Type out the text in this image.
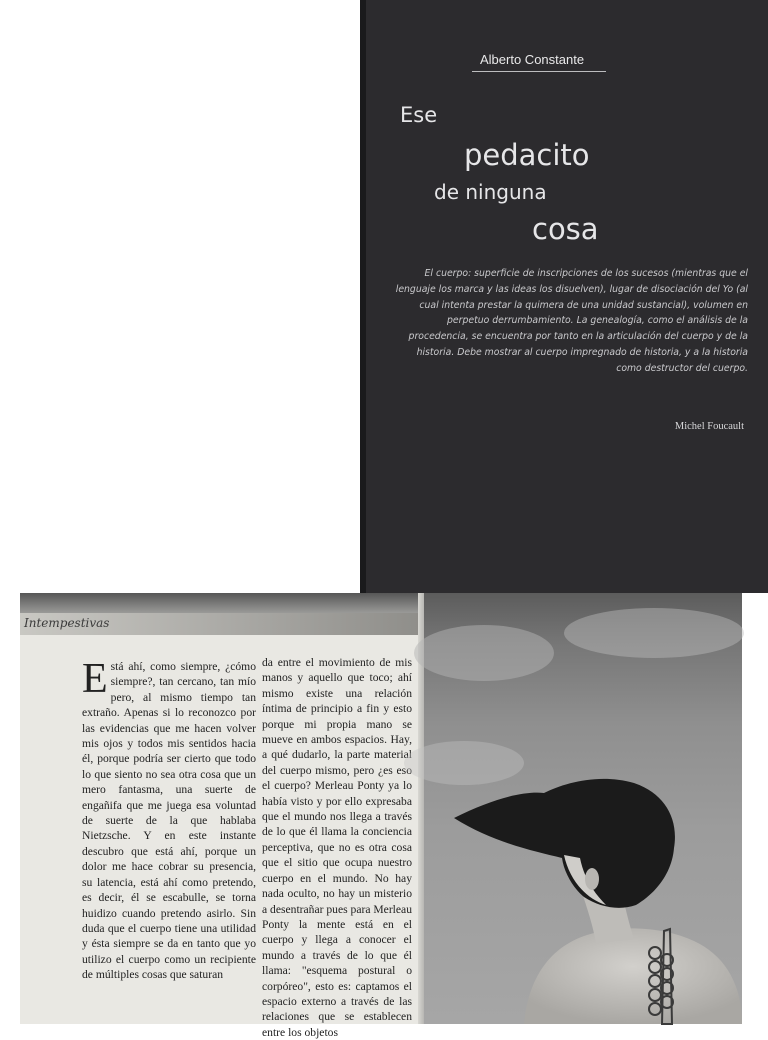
Alberto Constante
Ese
pedacito
de ninguna
cosa

El cuerpo: superficie de inscripciones de los sucesos (mientras que el lenguaje los marca y las ideas los disuelven), lugar de disociación del Yo (al cual intenta prestar la quimera de una unidad sustancial), volumen en perpetuo derrumbamiento. La genealogía, como el análisis de la procedencia, se encuentra por tanto en la articulación del cuerpo y de la historia. Debe mostrar al cuerpo impregnado de historia, y a la historia como destructor del cuerpo.

Michel Foucault
Intempestivas

Está ahí, como siempre, ¿cómo siempre?, tan cercano, tan mío pero, al mismo tiempo tan extraño. Apenas si lo reconozco por las evidencias que me hacen volver mis ojos y todos mis sentidos hacia él, porque podría ser cierto que todo lo que siento no sea otra cosa que un mero fantasma, una suerte de engañifa que me juega esa voluntad de suerte de la que hablaba Nietzsche. Y en este instante descubro que está ahí, porque un dolor me hace cobrar su presencia, su latencia, está ahí como pretendo, es decir, él se escabulle, se torna huidizo cuando pretendo asirlo. Sin duda que el cuerpo tiene una utilidad y ésta siempre se da en tanto que yo utilizo el cuerpo como un recipiente de múltiples cosas que saturan

da entre el movimiento de mis manos y aquello que toco; ahí mismo existe una relación íntima de principio a fin y esto porque mi propia mano se mueve en ambos espacios. Hay, a qué dudarlo, la parte material del cuerpo mismo, pero ¿es eso el cuerpo? Merleau Ponty ya lo había visto y por ello expresaba que el mundo nos llega a través de lo que él llama la conciencia perceptiva, que no es otra cosa que el sitio que ocupa nuestro cuerpo en el mundo. No hay nada oculto, no hay un misterio a desentrañar pues para Merleau Ponty la mente está en el cuerpo y llega a conocer el mundo a través de lo que él llama: "esquema postural o corpóreo", esto es: captamos el espacio externo a través de las relaciones que se establecen entre los objetos
